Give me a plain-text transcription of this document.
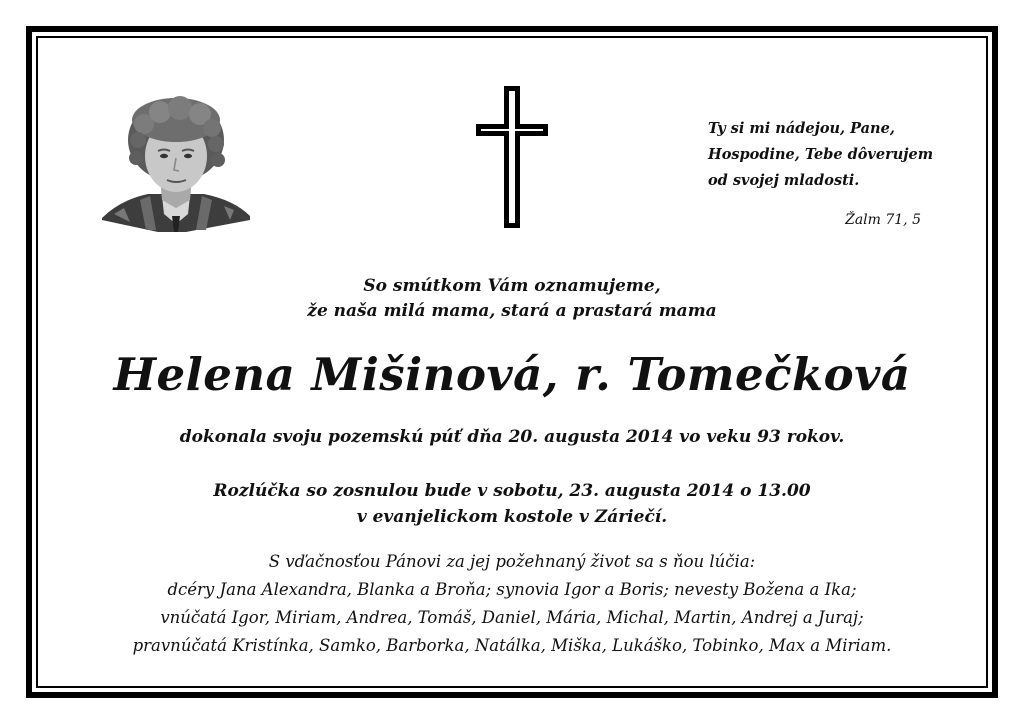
Ty si mi nádejou, Pane,
Hospodine, Tebe dôverujem
od svojej mladosti.
Žalm 71, 5
So smútkom Vám oznamujeme,
že naša milá mama, stará a prastará mama
Helena Mišinová, r. Tomečková
dokonala svoju pozemskú púť dňa 20. augusta 2014 vo veku 93 rokov.
Rozlúčka so zosnulou bude v sobotu, 23. augusta 2014 o 13.00
v evanjelickom kostole v Záriečí.
S vďačnosťou Pánovi za jej požehnaný život sa s ňou lúčia:
dcéry Jana Alexandra, Blanka a Broňa; synovia Igor a Boris; nevesty Božena a Ika;
vnúčatá Igor, Miriam, Andrea, Tomáš, Daniel, Mária, Michal, Martin, Andrej a Juraj;
pravnúčatá Kristínka, Samko, Barborka, Natálka, Miška, Lukáško, Tobinko, Max a Miriam.
